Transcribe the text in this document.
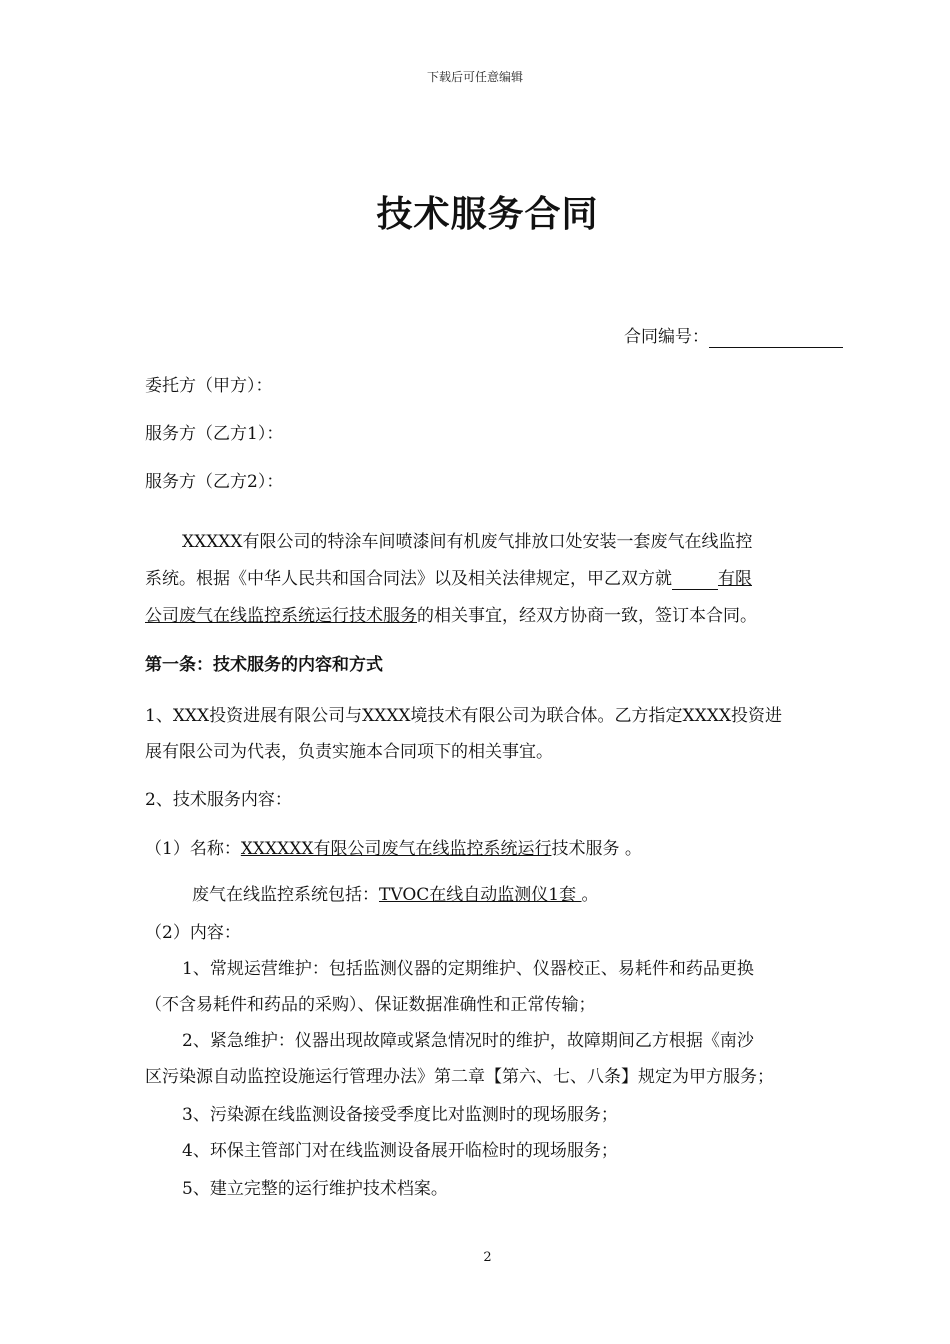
下载后可任意编辑
技术服务合同
合同编号：
委托方（甲方）：
服务方（乙方1）：
服务方（乙方2）：
XXXXX有限公司的特涂车间喷漆间有机废气排放口处安装一套废气在线监控
系统。根据《中华人民共和国合同法》以及相关法律规定，甲乙双方就	有限
公司废气在线监控系统运行技术服务的相关事宜，经双方协商一致，签订本合同。
第一条：技术服务的内容和方式
1、XXX投资进展有限公司与XXXX境技术有限公司为联合体。乙方指定XXXX投资进
展有限公司为代表，负责实施本合同项下的相关事宜。
2、技术服务内容：
（1）名称：XXXXXX有限公司废气在线监控系统运行技术服务 。
废气在线监控系统包括：TVOC在线自动监测仪1套 。
（2）内容：
1、常规运营维护：包括监测仪器的定期维护、仪器校正、易耗件和药品更换
（不含易耗件和药品的采购）、保证数据准确性和正常传输；
2、紧急维护：仪器出现故障或紧急情况时的维护，故障期间乙方根据《南沙
区污染源自动监控设施运行管理办法》第二章【第六、七、八条】规定为甲方服务；
3、污染源在线监测设备接受季度比对监测时的现场服务；
4、环保主管部门对在线监测设备展开临检时的现场服务；
5、建立完整的运行维护技术档案。
2
